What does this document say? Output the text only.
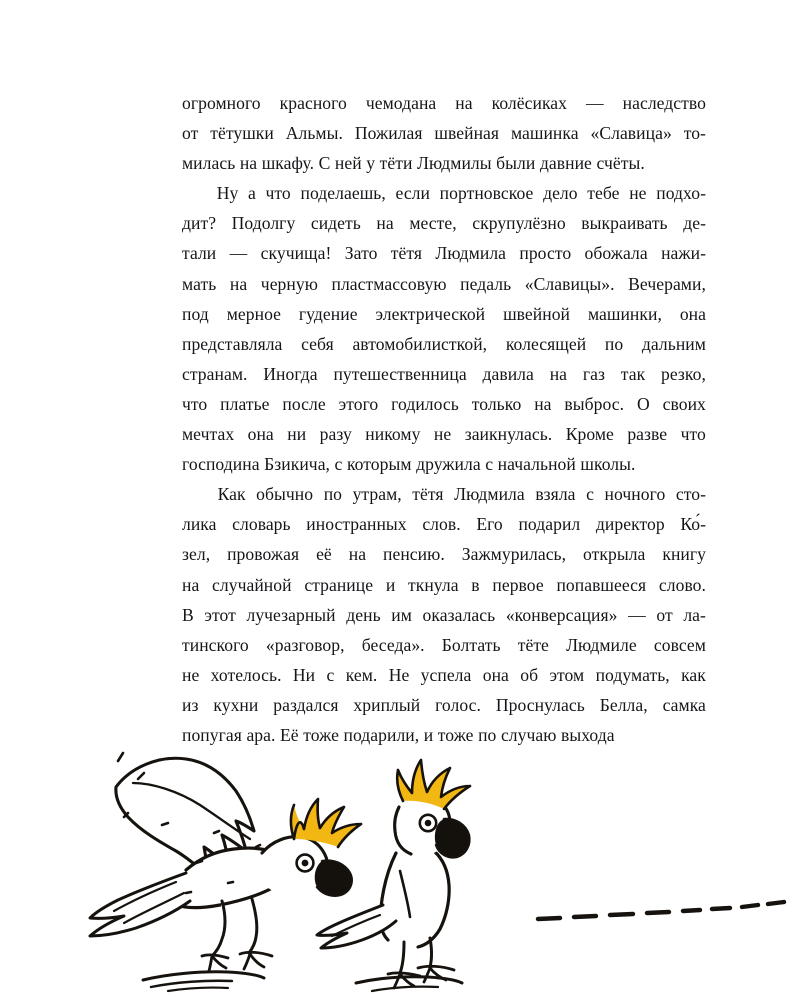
огромного красного чемодана на колёсиках — наследство
от тётушки Альмы. Пожилая швейная машинка «Славица» то-
милась на шкафу. С ней у тёти Людмилы были давние счёты.

Ну а что поделаешь, если портновское дело тебе не подхо-
дит? Подолгу сидеть на месте, скрупулёзно выкраивать де-
тали — скучища! Зато тётя Людмила просто обожала нажи-
мать на черную пластмассовую педаль «Славицы». Вечерами,
под мерное гудение электрической швейной машинки, она
представляла себя автомобилисткой, колесящей по дальним
странам. Иногда путешественница давила на газ так резко,
что платье после этого годилось только на выброс. О своих
мечтах она ни разу никому не заикнулась. Кроме разве что
господина Бзикича, с которым дружила с начальной школы.

Как обычно по утрам, тётя Людмила взяла с ночного сто-
лика словарь иностранных слов. Его подарил директор Ко́-
зел, провожая её на пенсию. Зажмурилась, открыла книгу
на случайной странице и ткнула в первое попавшееся слово.
В этот лучезарный день им оказалась «конверсация» — от ла-
тинского «разговор, беседа». Болтать тёте Людмиле совсем
не хотелось. Ни с кем. Не успела она об этом подумать, как
из кухни раздался хриплый голос. Проснулась Белла, самка
попугая ара. Её тоже подарили, и тоже по случаю выхода
